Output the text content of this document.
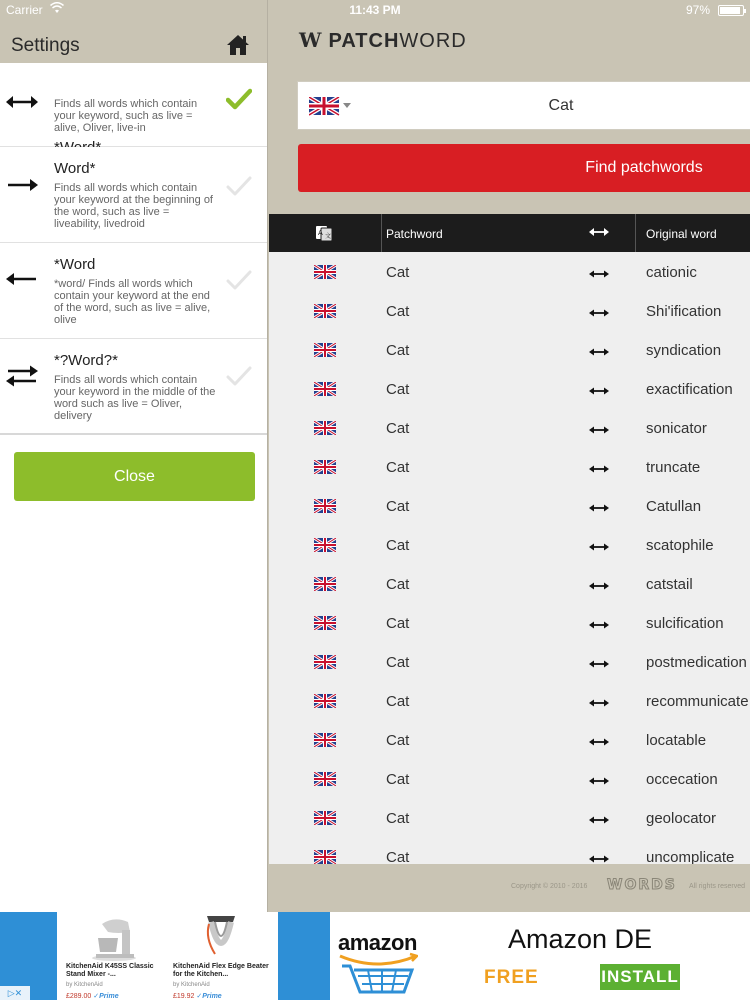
Carrier	11:43 PM	97%
Settings
Finds all words which contain your keyword, such as live = alive, Oliver, live-in
Word*
Finds all words which contain your keyword at the beginning of the word, such as live = liveability, livedroid
*Word
*word/ Finds all words which contain your keyword at the end of the word, such as live = alive, olive
*?Word?*
Finds all words which contain your keyword in the middle of the word such as live = Oliver, delivery
Close
W PATCHWORD
Cat
Find patchwords
A 文	Patchword	Original word
Cat	cationic
Cat	Shi'ification
Cat	syndication
Cat	exactification
Cat	sonicator
Cat	truncate
Cat	Catullan
Cat	scatophile
Cat	catstail
Cat	sulcification
Cat	postmedication
Cat	recommunicate
Cat	locatable
Cat	occecation
Cat	geolocator
Cat	uncomplicate
Copyright © 2010 - 2016 WORDS All rights reserved
KitchenAid K45SS Classic Stand Mixer -...
by KitchenAid
£289.00 ✓Prime
KitchenAid Flex Edge Beater for the Kitchen...
by KitchenAid
£19.92 ✓Prime
amazon	Amazon DE
FREE	INSTALL
▷✕
